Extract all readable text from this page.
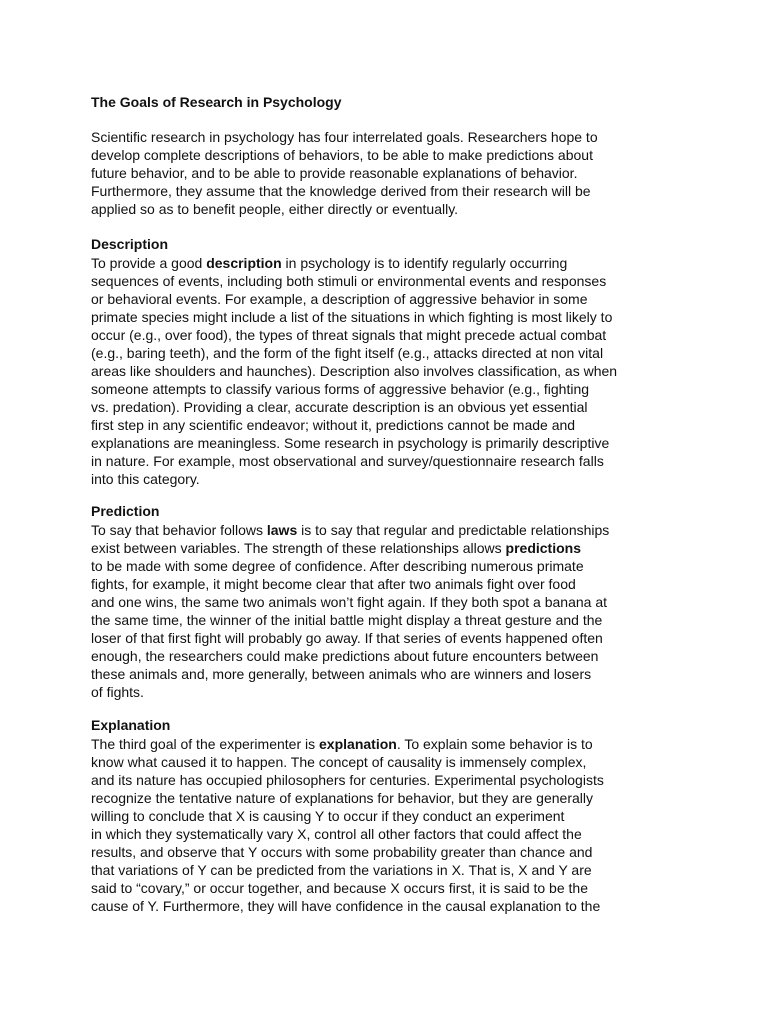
The Goals of Research in Psychology
Scientific research in psychology has four interrelated goals. Researchers hope to
develop complete descriptions of behaviors, to be able to make predictions about
future behavior, and to be able to provide reasonable explanations of behavior.
Furthermore, they assume that the knowledge derived from their research will be
applied so as to benefit people, either directly or eventually.
Description
To provide a good description in psychology is to identify regularly occurring
sequences of events, including both stimuli or environmental events and responses
or behavioral events. For example, a description of aggressive behavior in some
primate species might include a list of the situations in which fighting is most likely to
occur (e.g., over food), the types of threat signals that might precede actual combat
(e.g., baring teeth), and the form of the fight itself (e.g., attacks directed at non vital
areas like shoulders and haunches). Description also involves classification, as when
someone attempts to classify various forms of aggressive behavior (e.g., fighting
vs. predation). Providing a clear, accurate description is an obvious yet essential
first step in any scientific endeavor; without it, predictions cannot be made and
explanations are meaningless. Some research in psychology is primarily descriptive
in nature. For example, most observational and survey/questionnaire research falls
into this category.
Prediction
To say that behavior follows laws is to say that regular and predictable relationships
exist between variables. The strength of these relationships allows predictions
to be made with some degree of confidence. After describing numerous primate
fights, for example, it might become clear that after two animals fight over food
and one wins, the same two animals won’t fight again. If they both spot a banana at
the same time, the winner of the initial battle might display a threat gesture and the
loser of that first fight will probably go away. If that series of events happened often
enough, the researchers could make predictions about future encounters between
these animals and, more generally, between animals who are winners and losers
of fights.
Explanation
The third goal of the experimenter is explanation. To explain some behavior is to
know what caused it to happen. The concept of causality is immensely complex,
and its nature has occupied philosophers for centuries. Experimental psychologists
recognize the tentative nature of explanations for behavior, but they are generally
willing to conclude that X is causing Y to occur if they conduct an experiment
in which they systematically vary X, control all other factors that could affect the
results, and observe that Y occurs with some probability greater than chance and
that variations of Y can be predicted from the variations in X. That is, X and Y are
said to “covary,” or occur together, and because X occurs first, it is said to be the
cause of Y. Furthermore, they will have confidence in the causal explanation to the
